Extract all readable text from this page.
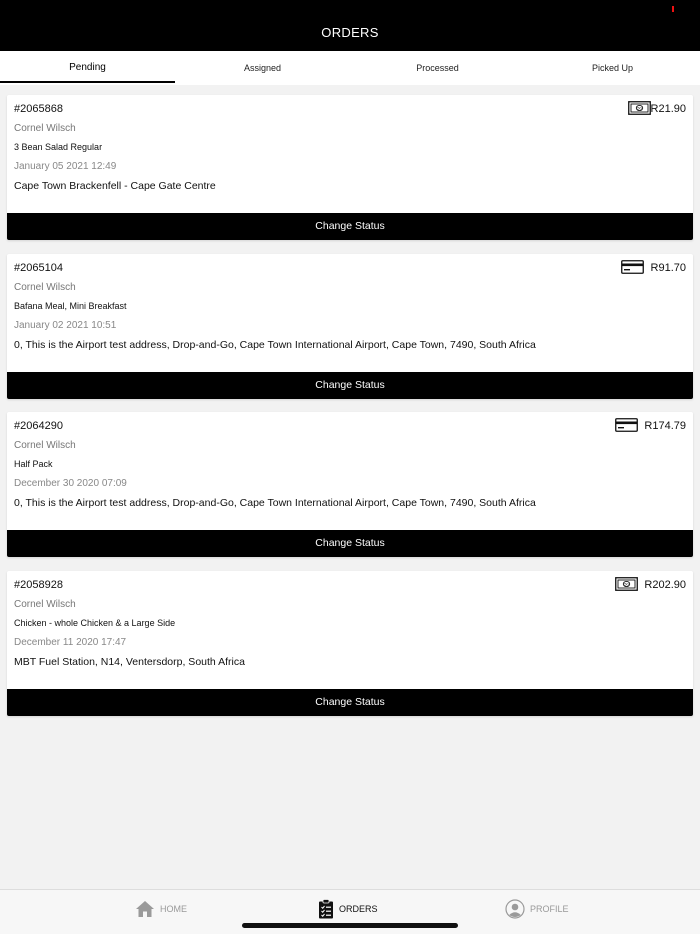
ORDERS
Pending	Assigned	Processed	Picked Up
#2065868	50 R21.90
Cornel Wilsch
3 Bean Salad Regular
January 05 2021 12:49
Cape Town Brackenfell - Cape Gate Centre
Change Status
#2065104	R91.70
Cornel Wilsch
Bafana Meal, Mini Breakfast
January 02 2021 10:51
0, This is the Airport test address, Drop-and-Go, Cape Town International Airport, Cape Town, 7490, South Africa
Change Status
#2064290	R174.79
Cornel Wilsch
Half Pack
December 30 2020 07:09
0, This is the Airport test address, Drop-and-Go, Cape Town International Airport, Cape Town, 7490, South Africa
Change Status
#2058928	50 R202.90
Cornel Wilsch
Chicken - whole Chicken & a Large Side
December 11 2020 17:47
MBT Fuel Station, N14, Ventersdorp, South Africa
Change Status
HOME	ORDERS	PROFILE
